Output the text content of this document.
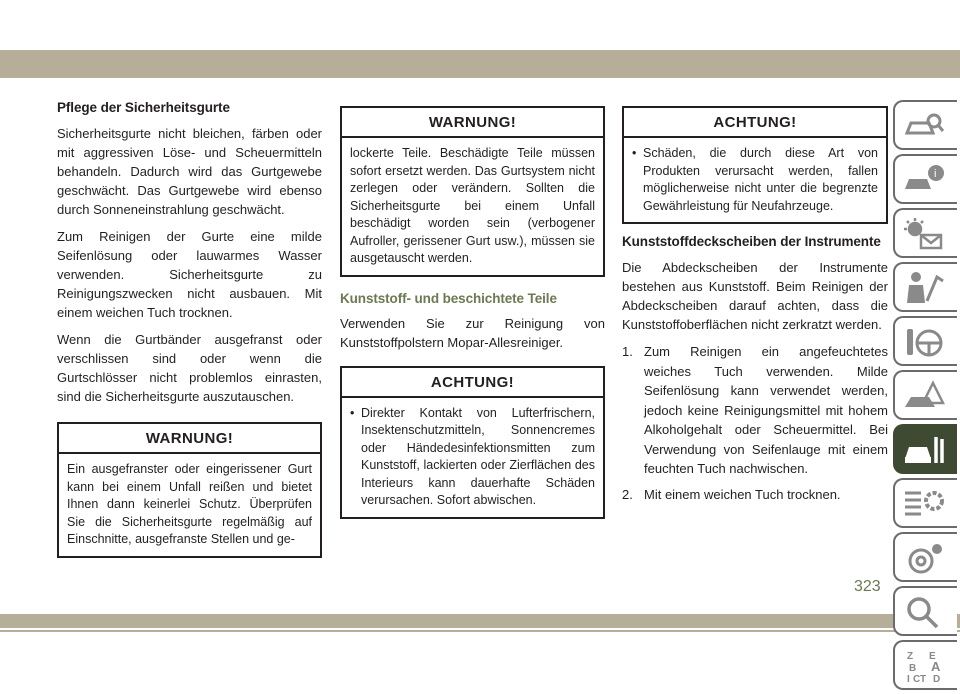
Pflege der Sicherheitsgurte

Sicherheitsgurte nicht bleichen, färben oder mit aggressiven Löse- und Scheuermitteln behandeln. Dadurch wird das Gurtgewebe geschwächt. Das Gurtgewebe wird ebenso durch Sonneneinstrahlung geschwächt.

Zum Reinigen der Gurte eine milde Seifenlösung oder lauwarmes Wasser verwenden. Sicherheitsgurte zu Reinigungszwecken nicht ausbauen. Mit einem weichen Tuch trocknen.

Wenn die Gurtbänder ausgefranst oder verschlissen sind oder wenn die Gurtschlösser nicht problemlos einrasten, sind die Sicherheitsgurte auszutauschen.

WARNUNG!
Ein ausgefranster oder eingerissener Gurt kann bei einem Unfall reißen und bietet Ihnen dann keinerlei Schutz. Überprüfen Sie die Sicherheitsgurte regelmäßig auf Einschnitte, ausgefranste Stellen und ge-
WARNUNG!
lockerte Teile. Beschädigte Teile müssen sofort ersetzt werden. Das Gurtsystem nicht zerlegen oder verändern. Sollten die Sicherheitsgurte bei einem Unfall beschädigt worden sein (verbogener Aufroller, gerissener Gurt usw.), müssen sie ausgetauscht werden.
Kunststoff- und beschichtete Teile

Verwenden Sie zur Reinigung von Kunststoffpolstern Mopar-Allesreiniger.

ACHTUNG!
• Direkter Kontakt von Lufterfrischern, Insektenschutzmitteln, Sonnencremes oder Händedesinfektionsmitten zum Kunststoff, lackierten oder Zierflächen des Interieurs kann dauerhafte Schäden verursachen. Sofort abwischen.
ACHTUNG!
• Schäden, die durch diese Art von Produkten verursacht werden, fallen möglicherweise nicht unter die begrenzte Gewährleistung für Neufahrzeuge.
Kunststoffdeckscheiben der Instrumente

Die Abdeckscheiben der Instrumente bestehen aus Kunststoff. Beim Reinigen der Abdeckscheiben darauf achten, dass die Kunststoffoberflächen nicht zerkratzt werden.

1. Zum Reinigen ein angefeuchtetes weiches Tuch verwenden. Milde Seifenlösung kann verwendet werden, jedoch keine Reinigungsmittel mit hohem Alkoholgehalt oder Scheuermittel. Bei Verwendung von Seifenlauge mit einem feuchten Tuch nachwischen.
2. Mit einem weichen Tuch trocknen.
i
Z E
B A
C D
I T
323
